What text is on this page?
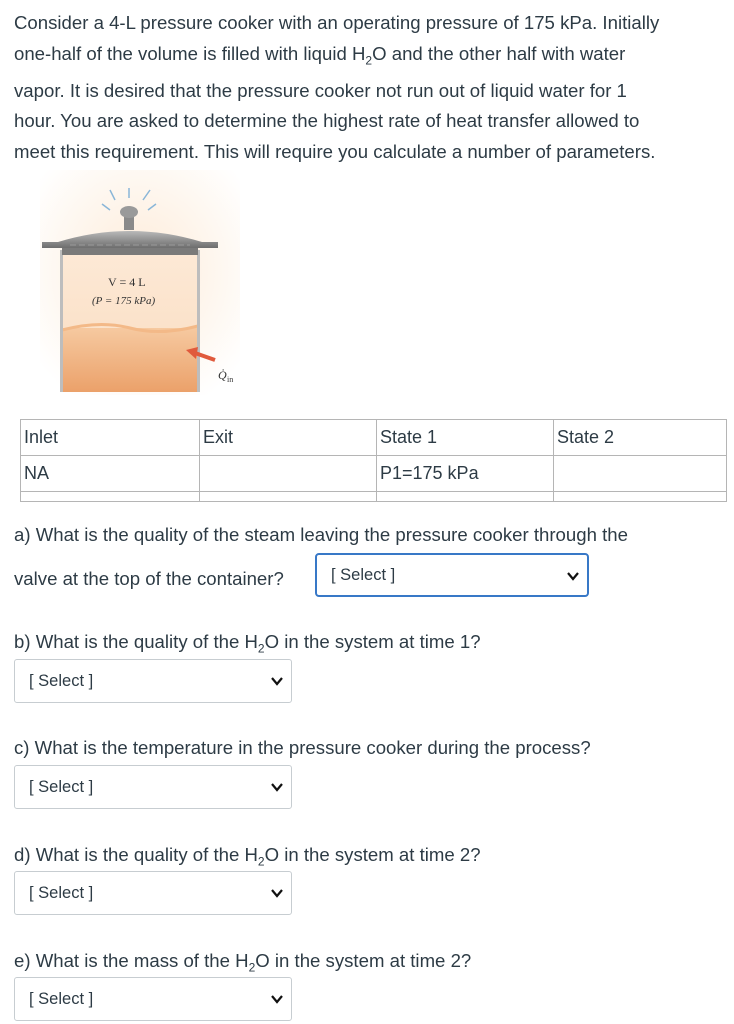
Consider a 4-L pressure cooker with an operating pressure of 175 kPa. Initially
one-half of the volume is filled with liquid $H_2O$ and the other half with water
vapor. It is desired that the pressure cooker not run out of liquid water for 1
hour. You are asked to determine the highest rate of heat transfer allowed to
meet this requirement. This will require you calculate a number of parameters.
V = 4 L
(P = 175 kPa)
Q̇ in
Inlet	Exit	State 1	State 2
NA		P1=175 kPa	

a) What is the quality of the steam leaving the pressure cooker through the
valve at the top of the container?	[ Select ]
b) What is the quality of the $H_2O$ in the system at time 1?
[ Select ]
c) What is the temperature in the pressure cooker during the process?
[ Select ]
d) What is the quality of the $H_2O$ in the system at time 2?
[ Select ]
e) What is the mass of the $H_2O$ in the system at time 2?
[ Select ]
